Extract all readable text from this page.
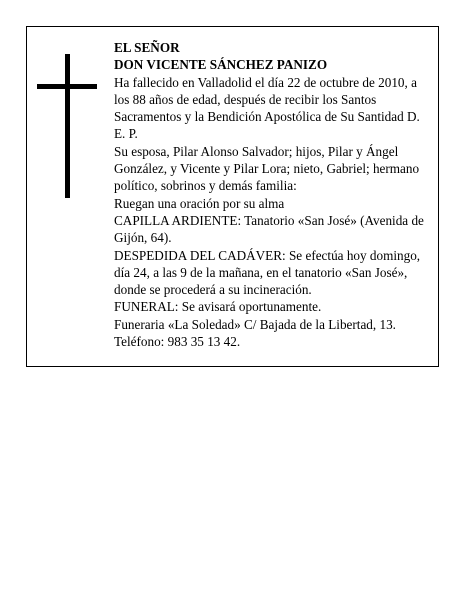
EL SEÑOR

DON VICENTE SÁNCHEZ PANIZO

Ha fallecido en Valladolid el día 22 de octubre de 2010, a los 88 años de edad, después de recibir los Santos Sacramentos y la Bendición Apostólica de Su Santidad D. E. P.

Su esposa, Pilar Alonso Salvador; hijos, Pilar y Ángel González, y Vicente y Pilar Lora; nieto, Gabriel; hermano político, sobrinos y demás familia:

Ruegan una oración por su alma

CAPILLA ARDIENTE: Tanatorio «San José» (Avenida de Gijón, 64).

DESPEDIDA DEL CADÁVER: Se efectúa hoy domingo, día 24, a las 9 de la mañana, en el tanatorio «San José», donde se procederá a su incineración.

FUNERAL: Se avisará oportunamente.

Funeraria «La Soledad» C/ Bajada de la Libertad, 13. Teléfono: 983 35 13 42.
